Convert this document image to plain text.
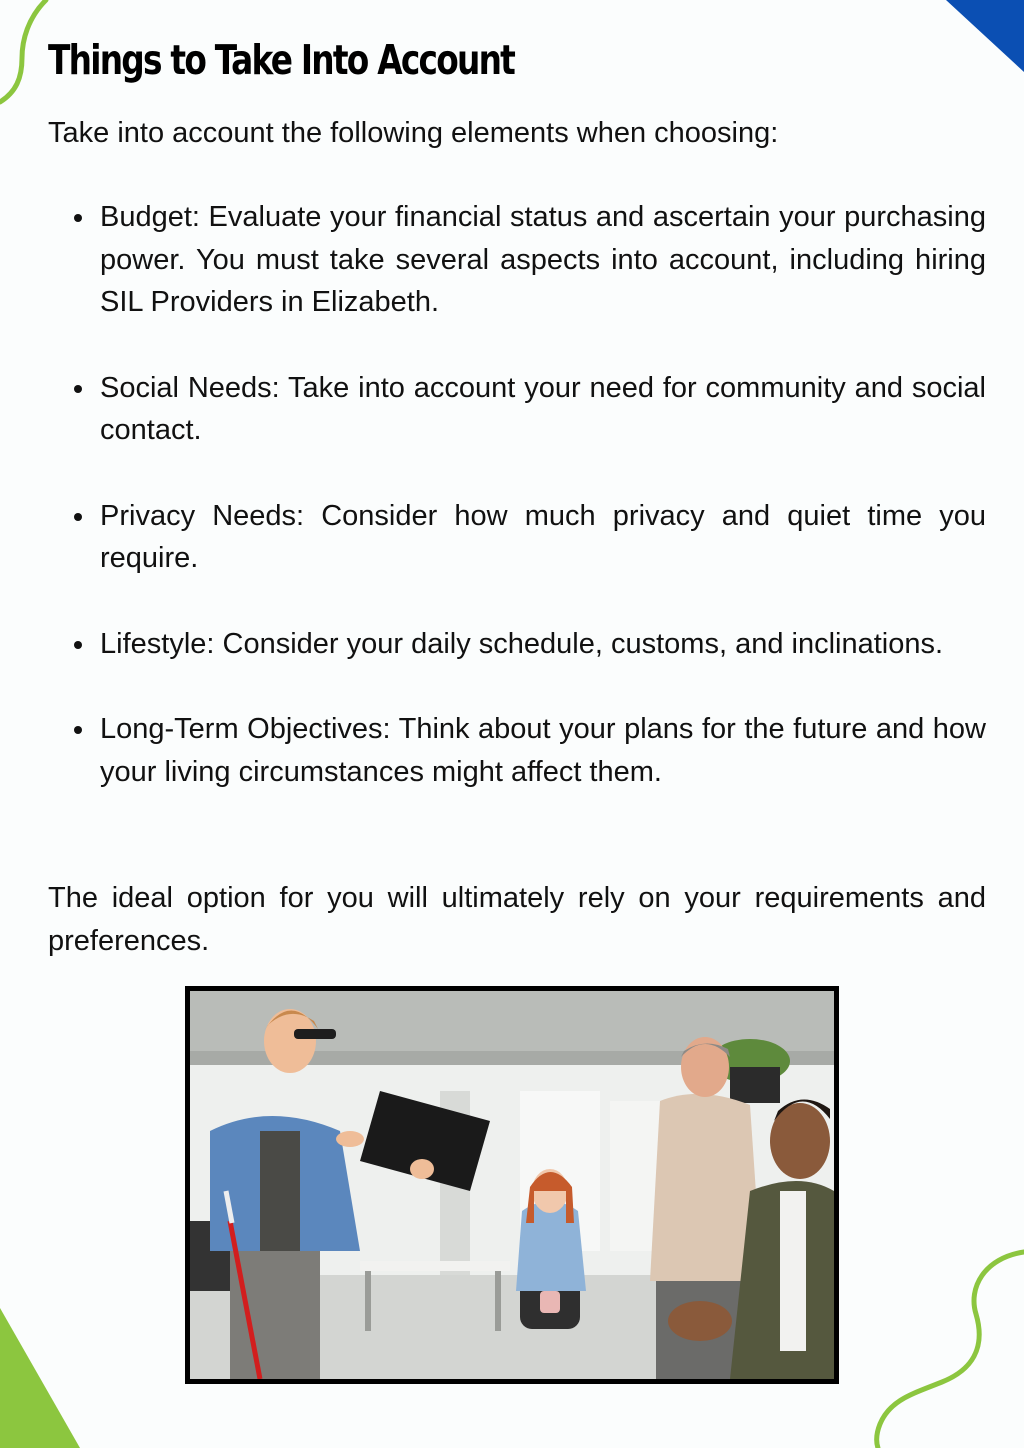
Things to Take Into Account

Take into account the following elements when choosing:

Budget: Evaluate your financial status and ascertain your purchasing power. You must take several aspects into account, including hiring SIL Providers in Elizabeth.
Social Needs: Take into account your need for community and social contact.
Privacy Needs: Consider how much privacy and quiet time you require.
Lifestyle: Consider your daily schedule, customs, and inclinations.
Long-Term Objectives: Think about your plans for the future and how your living circumstances might affect them.

The ideal option for you will ultimately rely on your requirements and preferences.
